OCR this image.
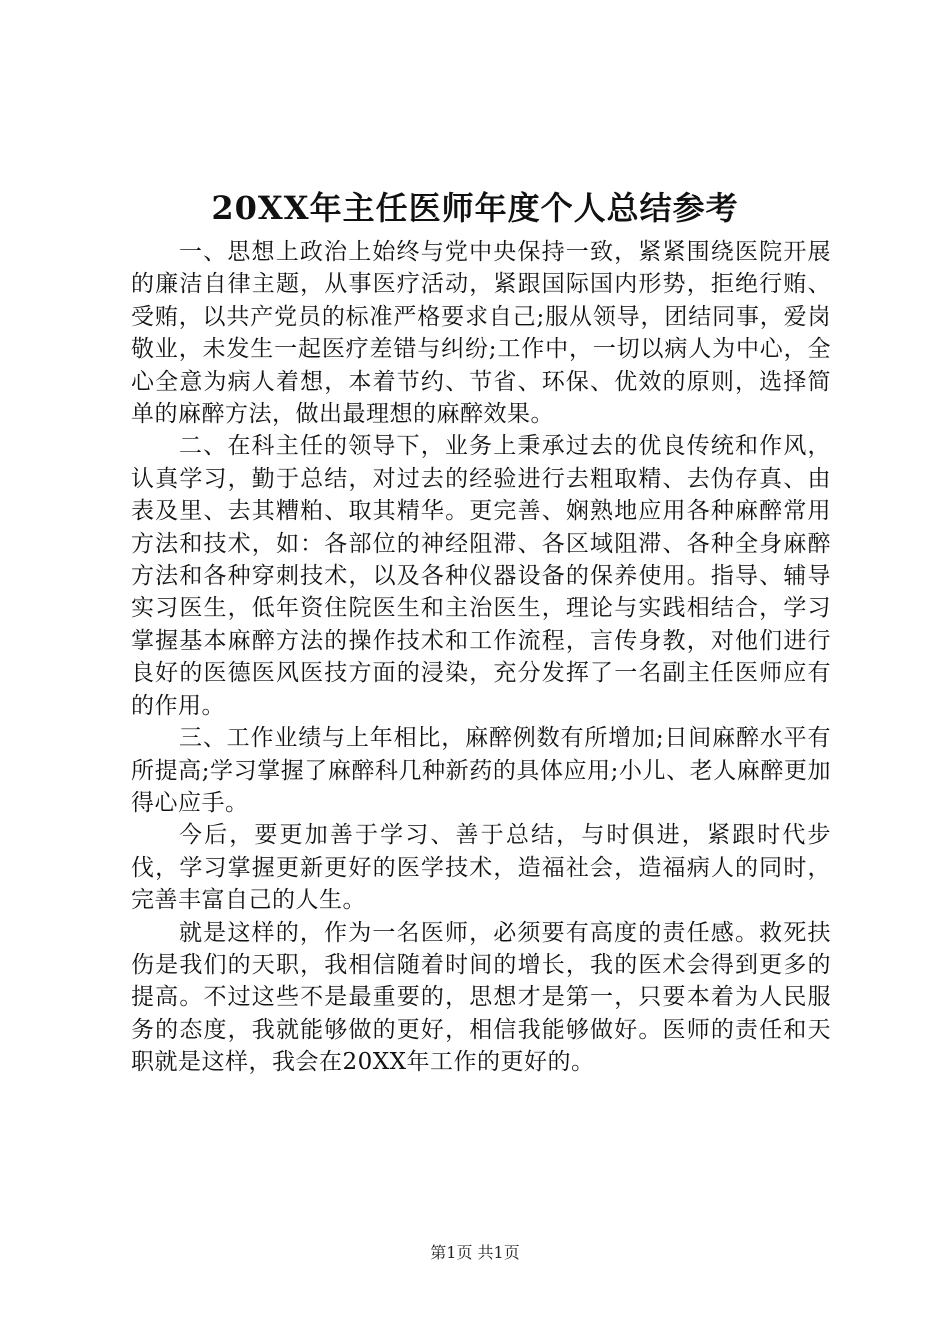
20XX年主任医师年度个人总结参考

一、思想上政治上始终与党中央保持一致，紧紧围绕医院开展的廉洁自律主题，从事医疗活动，紧跟国际国内形势，拒绝行贿、受贿，以共产党员的标准严格要求自己;服从领导，团结同事，爱岗敬业，未发生一起医疗差错与纠纷;工作中，一切以病人为中心，全心全意为病人着想，本着节约、节省、环保、优效的原则，选择简单的麻醉方法，做出最理想的麻醉效果。

二、在科主任的领导下，业务上秉承过去的优良传统和作风，认真学习，勤于总结，对过去的经验进行去粗取精、去伪存真、由表及里、去其糟粕、取其精华。更完善、娴熟地应用各种麻醉常用方法和技术，如：各部位的神经阻滞、各区域阻滞、各种全身麻醉方法和各种穿刺技术，以及各种仪器设备的保养使用。指导、辅导实习医生，低年资住院医生和主治医生，理论与实践相结合，学习掌握基本麻醉方法的操作技术和工作流程，言传身教，对他们进行良好的医德医风医技方面的浸染，充分发挥了一名副主任医师应有的作用。

三、工作业绩与上年相比，麻醉例数有所增加;日间麻醉水平有所提高;学习掌握了麻醉科几种新药的具体应用;小儿、老人麻醉更加得心应手。

今后，要更加善于学习、善于总结，与时俱进，紧跟时代步伐，学习掌握更新更好的医学技术，造福社会，造福病人的同时，完善丰富自己的人生。

就是这样的，作为一名医师，必须要有高度的责任感。救死扶伤是我们的天职，我相信随着时间的增长，我的医术会得到更多的提高。不过这些不是最重要的，思想才是第一，只要本着为人民服务的态度，我就能够做的更好，相信我能够做好。医师的责任和天职就是这样，我会在20XX年工作的更好的。

第1页 共1页
